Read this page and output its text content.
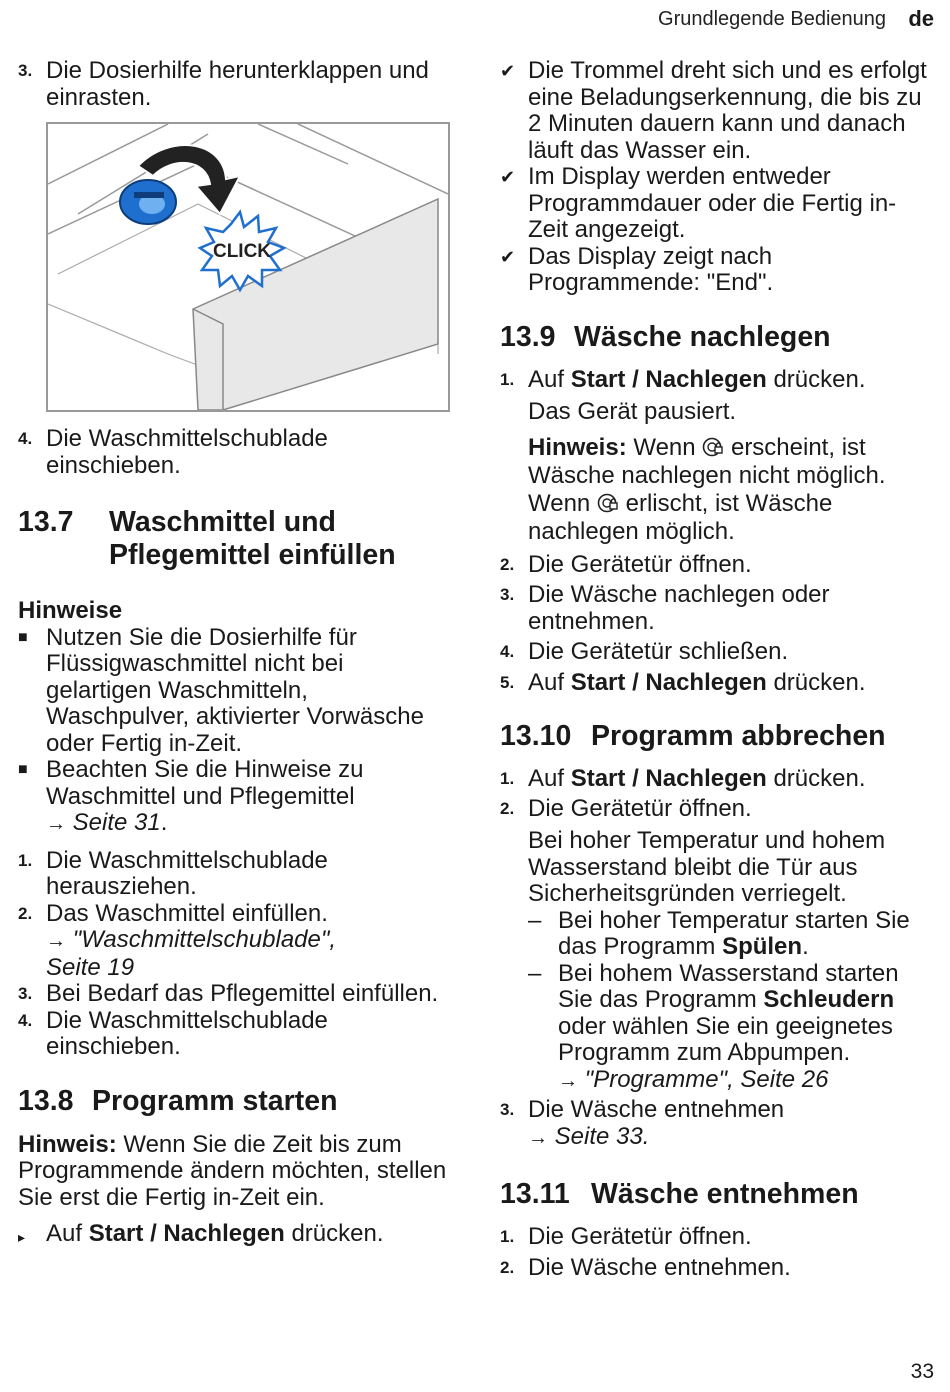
Grundlegende Bedienung de
3. Die Dosierhilfe herunterklappen und einrasten.
CLICK
4. Die Waschmittelschublade einschieben.
13.7	Waschmittel und Pflegemittel einfüllen
Hinweise
■ Nutzen Sie die Dosierhilfe für Flüssigwaschmittel nicht bei gelartigen Waschmitteln, Waschpulver, aktivierter Vorwäsche oder Fertig in-Zeit.
■ Beachten Sie die Hinweise zu Waschmittel und Pflegemittel
→ Seite 31.
1. Die Waschmittelschublade herausziehen.
2. Das Waschmittel einfüllen.
→ "Waschmittelschublade",
Seite 19
3. Bei Bedarf das Pflegemittel einfüllen.
4. Die Waschmittelschublade einschieben.
13.8 Programm starten
Hinweis: Wenn Sie die Zeit bis zum Programmende ändern möchten, stellen Sie erst die Fertig in-Zeit ein.
▸ Auf Start / Nachlegen drücken.
✔ Die Trommel dreht sich und es erfolgt eine Beladungserkennung, die bis zu 2 Minuten dauern kann und danach läuft das Wasser ein.
✔ Im Display werden entweder Programmdauer oder die Fertig in-Zeit angezeigt.
✔ Das Display zeigt nach Programmende: "End".
13.9 Wäsche nachlegen
1. Auf Start / Nachlegen drücken.
Das Gerät pausiert.
Hinweis: Wenn erscheint, ist Wäsche nachlegen nicht möglich. Wenn erlischt, ist Wäsche nachlegen möglich.
2. Die Gerätetür öffnen.
3. Die Wäsche nachlegen oder entnehmen.
4. Die Gerätetür schließen.
5. Auf Start / Nachlegen drücken.
13.10 Programm abbrechen
1. Auf Start / Nachlegen drücken.
2. Die Gerätetür öffnen.
Bei hoher Temperatur und hohem Wasserstand bleibt die Tür aus Sicherheitsgründen verriegelt.
– Bei hoher Temperatur starten Sie das Programm Spülen.
– Bei hohem Wasserstand starten Sie das Programm Schleudern oder wählen Sie ein geeignetes Programm zum Abpumpen.
→ "Programme", Seite 26
3. Die Wäsche entnehmen
→ Seite 33.
13.11 Wäsche entnehmen
1. Die Gerätetür öffnen.
2. Die Wäsche entnehmen.
33
